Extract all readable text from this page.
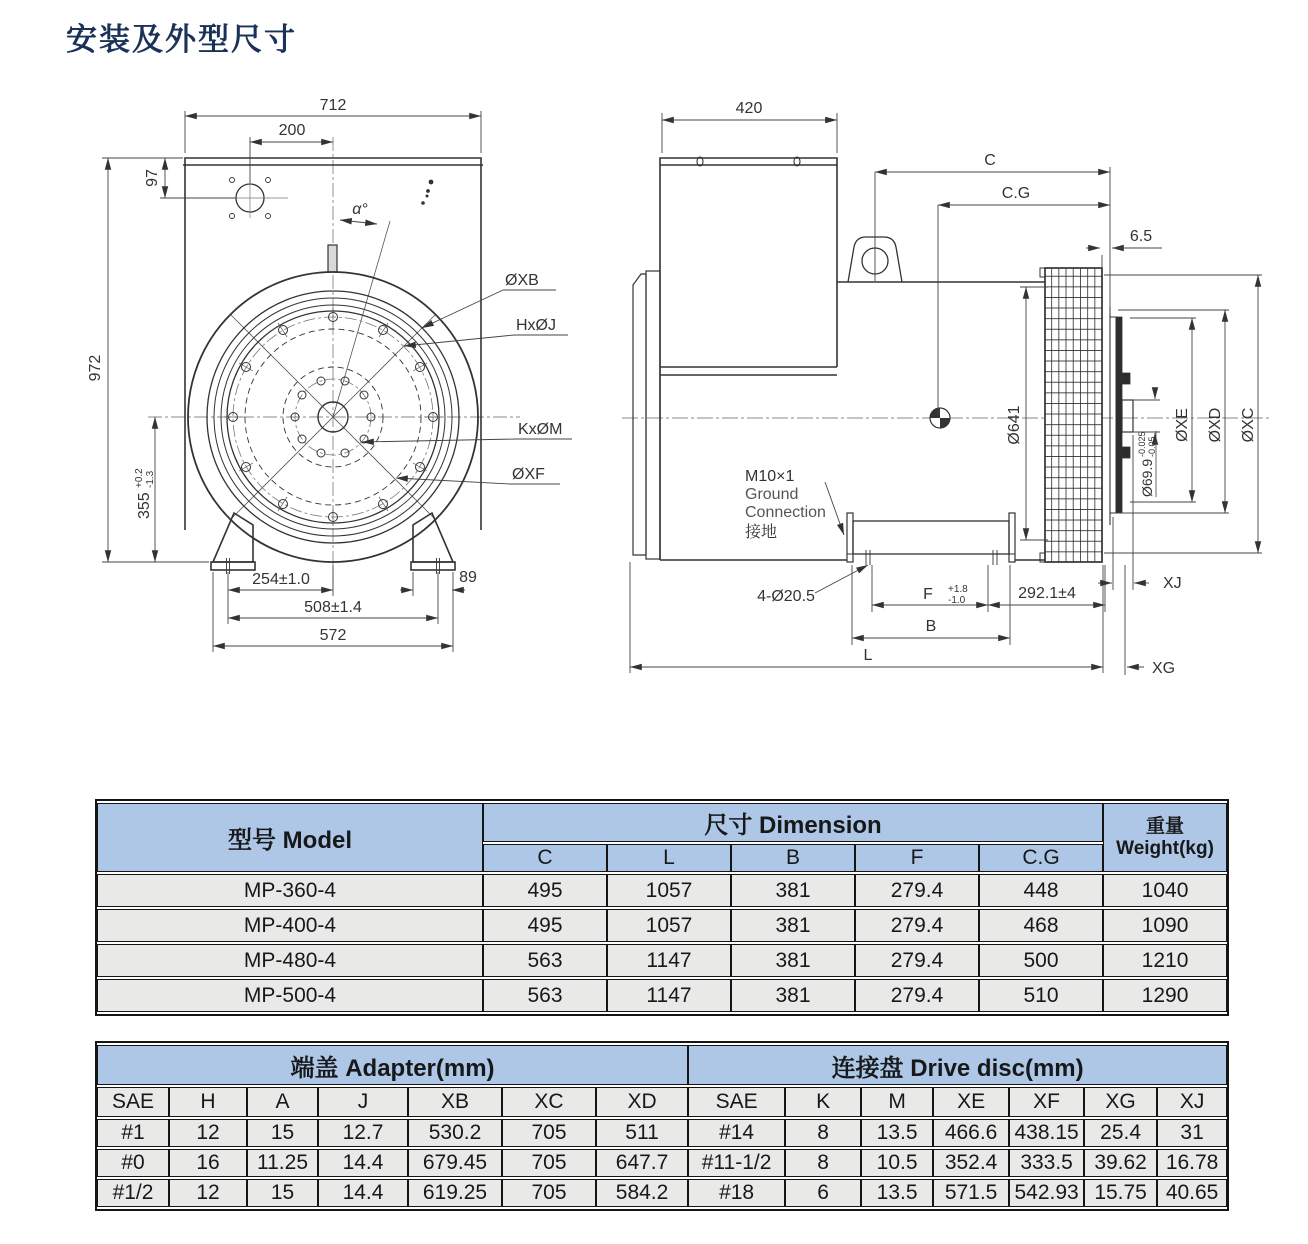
安装及外型尺寸
712
200
97
972
α°
ØXB
HxØJ
KxØM
ØXF
355
+0.2 -1.3
254±1.0	89
508±1.4
572
420
C
C.G
6.5
Ø641	ØXE ØXD ØXC
Ø69.9
-0.025 -0.05
M10×1
Ground
Connection
接地
4-Ø20.5	F +1.8
-1.0	292.1±4
B
L
XJ
XG
型号 Model	尺寸 Dimension					重量
Weight(kg)

	C	L	B	F	C.G	
MP-360-4	495	1057	381	279.4	448	1040
MP-400-4	495	1057	381	279.4	468	1090
MP-480-4	563	1147	381	279.4	500	1210
MP-500-4	563	1147	381	279.4	510	1290
端盖 Adapter(mm)							连接盘 Drive disc(mm)						
SAE	H	A	J	XB	XC	XD	SAE	K	M	XE	XF	XG	XJ
#1	12	15	12.7	530.2	705	511	#14	8	13.5	466.6	438.15	25.4	31
#0	16	11.25	14.4	679.45	705	647.7	#11-1/2	8	10.5	352.4	333.5	39.62	16.78
#1/2	12	15	14.4	619.25	705	584.2	#18	6	13.5	571.5	542.93	15.75	40.65
